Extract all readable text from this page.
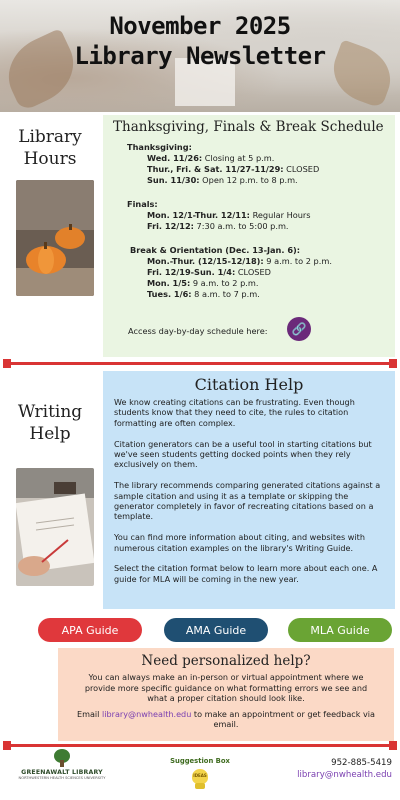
November 2025
Library Newsletter
Library Hours
Thanksgiving, Finals & Break Schedule
Thanksgiving:
Wed. 11/26: Closing at 5 p.m.
Thur., Fri. & Sat. 11/27-11/29: CLOSED
Sun. 11/30: Open 12 p.m. to 8 p.m.
Finals:
Mon. 12/1-Thur. 12/11: Regular Hours
Fri. 12/12: 7:30 a.m. to 5:00 p.m.
Break & Orientation (Dec. 13-Jan. 6):
Mon.-Thur. (12/15-12/18): 9 a.m. to 2 p.m.
Fri. 12/19-Sun. 1/4: CLOSED
Mon. 1/5: 9 a.m. to 2 p.m.
Tues. 1/6: 8 a.m. to 7 p.m.
Access day-by-day schedule here: 🔗
Writing Help
Citation Help

We know creating citations can be frustrating. Even though students know that they need to cite, the rules to citation formatting are often complex.

Citation generators can be a useful tool in starting citations but we've seen students getting docked points when they rely exclusively on them.

The library recommends comparing generated citations against a sample citation and using it as a template or skipping the generator completely in favor of recreating citations based on a template.

You can find more information about citing, and websites with numerous citation examples on the library's Writing Guide.

Select the citation format below to learn more about each one. A guide for MLA will be coming in the new year.

APA Guide	AMA Guide	MLA Guide
Need personalized help?
You can always make an in-person or virtual appointment where we provide more specific guidance on what formatting errors we see and what a proper citation should look like.
Email library@nwhealth.edu to make an appointment or get feedback via email.
GREENAWALT LIBRARY
NORTHWESTERN HEALTH SCIENCES UNIVERSITY
Suggestion Box
IDEAS
952-885-5419
library@nwhealth.edu
